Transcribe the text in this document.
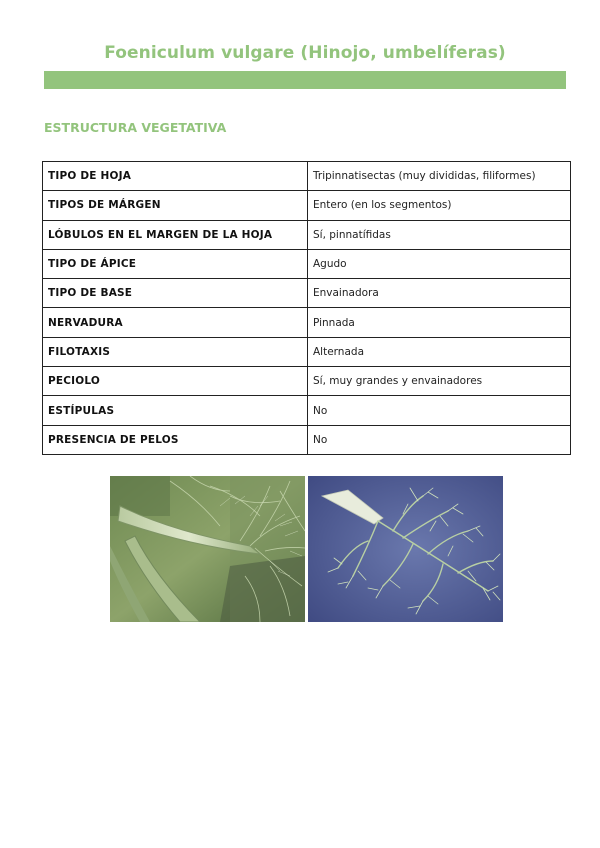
Foeniculum vulgare (Hinojo, umbelíferas)
ESTRUCTURA VEGETATIVA
TIPO DE HOJA	Tripinnatisectas (muy divididas, filiformes)
TIPOS DE MÁRGEN	Entero (en los segmentos)
LÓBULOS EN EL MARGEN DE LA HOJA	Sí, pinnatífidas
TIPO DE ÁPICE	Agudo
TIPO DE BASE	Envainadora
NERVADURA	Pinnada
FILOTAXIS	Alternada
PECIOLO	Sí, muy grandes y envainadores
ESTÍPULAS	No
PRESENCIA DE PELOS	No
